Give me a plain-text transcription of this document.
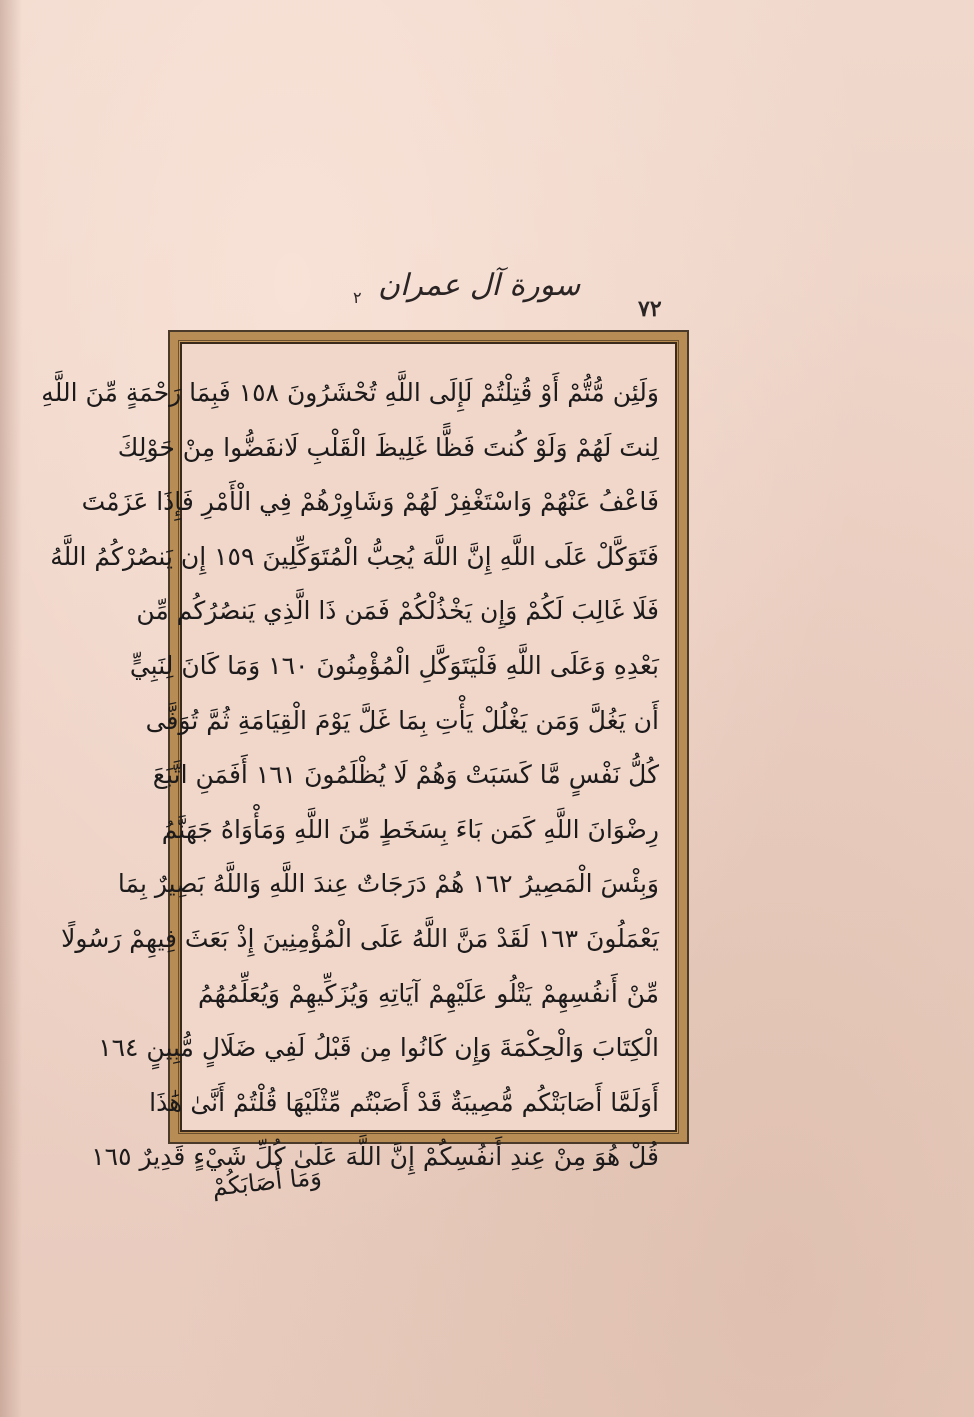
٢ سورة آل عمران
٧٢
وَلَئِن مُّتُّمْ أَوْ قُتِلْتُمْ لَإِلَى اللَّهِ تُحْشَرُونَ ١٥٨ فَبِمَا رَحْمَةٍ مِّنَ اللَّهِ
لِنتَ لَهُمْ وَلَوْ كُنتَ فَظًّا غَلِيظَ الْقَلْبِ لَانفَضُّوا مِنْ حَوْلِكَ
فَاعْفُ عَنْهُمْ وَاسْتَغْفِرْ لَهُمْ وَشَاوِرْهُمْ فِي الْأَمْرِ فَإِذَا عَزَمْتَ
فَتَوَكَّلْ عَلَى اللَّهِ إِنَّ اللَّهَ يُحِبُّ الْمُتَوَكِّلِينَ ١٥٩ إِن يَنصُرْكُمُ اللَّهُ
فَلَا غَالِبَ لَكُمْ وَإِن يَخْذُلْكُمْ فَمَن ذَا الَّذِي يَنصُرُكُم مِّن
بَعْدِهِ وَعَلَى اللَّهِ فَلْيَتَوَكَّلِ الْمُؤْمِنُونَ ١٦٠ وَمَا كَانَ لِنَبِيٍّ
أَن يَغُلَّ وَمَن يَغْلُلْ يَأْتِ بِمَا غَلَّ يَوْمَ الْقِيَامَةِ ثُمَّ تُوَفَّى
كُلُّ نَفْسٍ مَّا كَسَبَتْ وَهُمْ لَا يُظْلَمُونَ ١٦١ أَفَمَنِ اتَّبَعَ
رِضْوَانَ اللَّهِ كَمَن بَاءَ بِسَخَطٍ مِّنَ اللَّهِ وَمَأْوَاهُ جَهَنَّمُ
وَبِئْسَ الْمَصِيرُ ١٦٢ هُمْ دَرَجَاتٌ عِندَ اللَّهِ وَاللَّهُ بَصِيرٌ بِمَا
يَعْمَلُونَ ١٦٣ لَقَدْ مَنَّ اللَّهُ عَلَى الْمُؤْمِنِينَ إِذْ بَعَثَ فِيهِمْ رَسُولًا
مِّنْ أَنفُسِهِمْ يَتْلُو عَلَيْهِمْ آيَاتِهِ وَيُزَكِّيهِمْ وَيُعَلِّمُهُمُ
الْكِتَابَ وَالْحِكْمَةَ وَإِن كَانُوا مِن قَبْلُ لَفِي ضَلَالٍ مُّبِينٍ ١٦٤
أَوَلَمَّا أَصَابَتْكُم مُّصِيبَةٌ قَدْ أَصَبْتُم مِّثْلَيْهَا قُلْتُمْ أَنَّىٰ هَٰذَا
قُلْ هُوَ مِنْ عِندِ أَنفُسِكُمْ إِنَّ اللَّهَ عَلَىٰ كُلِّ شَيْءٍ قَدِيرٌ ١٦٥
وَمَا أَصَابَكُمْ
